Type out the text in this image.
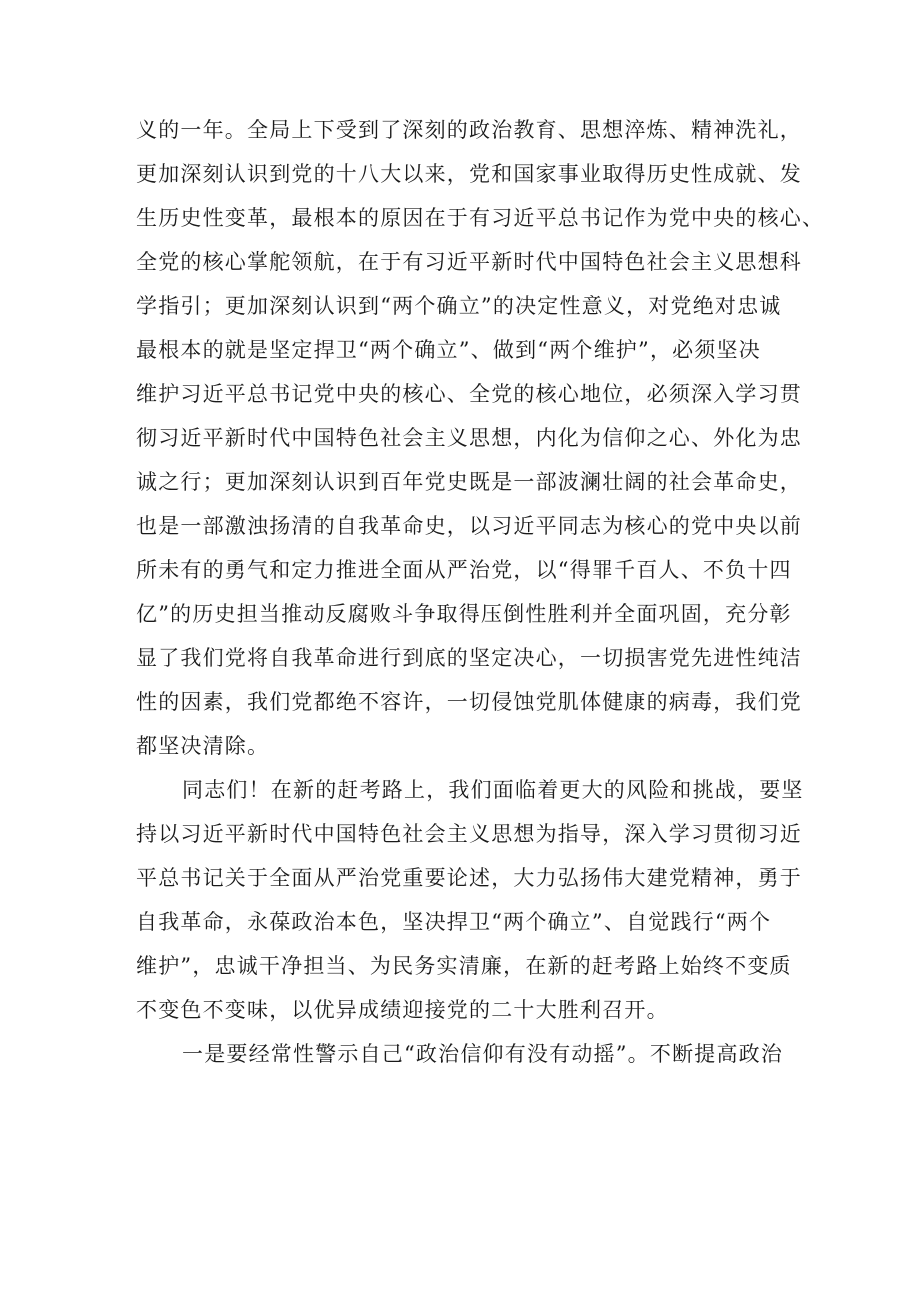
义的一年。全局上下受到了深刻的政治教育、思想淬炼、精神洗礼，
更加深刻认识到党的十八大以来，党和国家事业取得历史性成就、发
生历史性变革，最根本的原因在于有习近平总书记作为党中央的核心、
全党的核心掌舵领航，在于有习近平新时代中国特色社会主义思想科
学指引；更加深刻认识到“两个确立”的决定性意义，对党绝对忠诚
最根本的就是坚定捍卫“两个确立”、做到“两个维护”，必须坚决
维护习近平总书记党中央的核心、全党的核心地位，必须深入学习贯
彻习近平新时代中国特色社会主义思想，内化为信仰之心、外化为忠
诚之行；更加深刻认识到百年党史既是一部波澜壮阔的社会革命史，
也是一部激浊扬清的自我革命史，以习近平同志为核心的党中央以前
所未有的勇气和定力推进全面从严治党，以“得罪千百人、不负十四
亿”的历史担当推动反腐败斗争取得压倒性胜利并全面巩固，充分彰
显了我们党将自我革命进行到底的坚定决心，一切损害党先进性纯洁
性的因素，我们党都绝不容许，一切侵蚀党肌体健康的病毒，我们党
都坚决清除。
同志们！在新的赶考路上，我们面临着更大的风险和挑战，要坚
持以习近平新时代中国特色社会主义思想为指导，深入学习贯彻习近
平总书记关于全面从严治党重要论述，大力弘扬伟大建党精神，勇于
自我革命，永葆政治本色，坚决捍卫“两个确立”、自觉践行“两个
维护”，忠诚干净担当、为民务实清廉，在新的赶考路上始终不变质
不变色不变味，以优异成绩迎接党的二十大胜利召开。
一是要经常性警示自己“政治信仰有没有动摇”。不断提高政治
